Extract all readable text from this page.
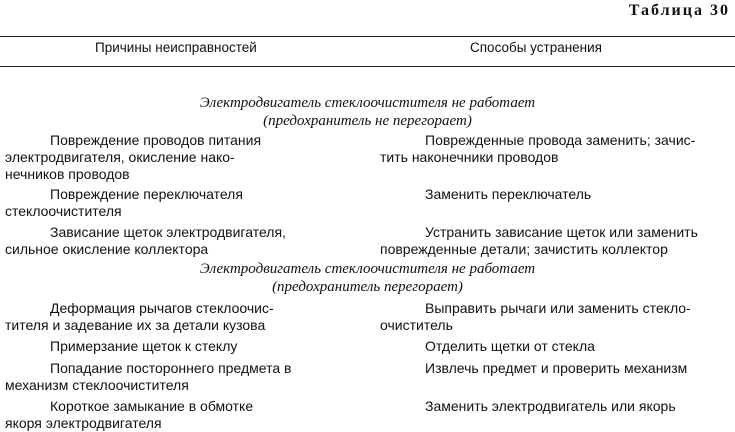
Таблица 30
Причины неисправностей	Способы устранения
Электродвигатель стеклоочистителя не работает
(предохранитель не перегорает)
Повреждение проводов питания
электродвигателя, окисление нако-
нечников проводов
Поврежденные провода заменить; зачис-
тить наконечники проводов
Повреждение переключателя
стеклоочистителя
Заменить переключатель
Зависание щеток электродвигателя,
сильное окисление коллектора
Устранить зависание щеток или заменить
поврежденные детали; зачистить коллектор
Электродвигатель стеклоочистителя не работает
(предохранитель перегорает)
Деформация рычагов стеклоочис-
тителя и задевание их за детали кузова
Выправить рычаги или заменить стекло-
очиститель
Примерзание щеток к стеклу	Отделить щетки от стекла
Попадание постороннего предмета в
механизм стеклоочистителя
Извлечь предмет и проверить механизм
Короткое замыкание в обмотке
якоря электродвигателя
Заменить электродвигатель или якорь
